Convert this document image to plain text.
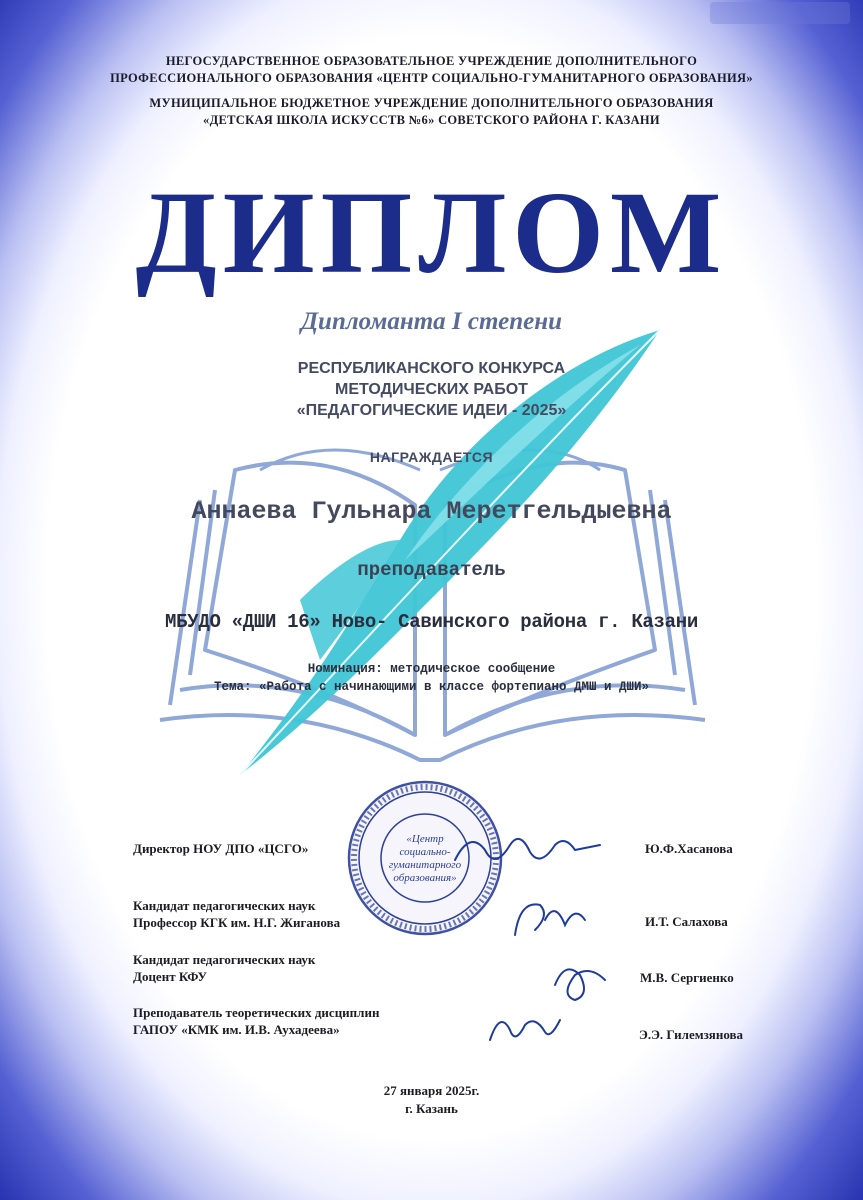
НЕГОСУДАРСТВЕННОЕ ОБРАЗОВАТЕЛЬНОЕ УЧРЕЖДЕНИЕ ДОПОЛНИТЕЛЬНОГО
ПРОФЕССИОНАЛЬНОГО ОБРАЗОВАНИЯ «ЦЕНТР СОЦИАЛЬНО-ГУМАНИТАРНОГО ОБРАЗОВАНИЯ»
МУНИЦИПАЛЬНОЕ БЮДЖЕТНОЕ УЧРЕЖДЕНИЕ ДОПОЛНИТЕЛЬНОГО ОБРАЗОВАНИЯ
«ДЕТСКАЯ ШКОЛА ИСКУССТВ №6» СОВЕТСКОГО РАЙОНА Г. КАЗАНИ
ДИПЛОМ
Дипломанта I степени
РЕСПУБЛИКАНСКОГО КОНКУРСА
МЕТОДИЧЕСКИХ РАБОТ
«ПЕДАГОГИЧЕСКИЕ ИДЕИ - 2025»
НАГРАЖДАЕТСЯ
Аннаева Гульнара Меретгельдыевна
преподаватель
МБУДО «ДШИ 16» Ново- Савинского района г. Казани
Номинация: методическое сообщение
Тема: «Работа с начинающими в классе фортепиано ДМШ и ДШИ»
«Центр
социально-
гуманитарного
образования»
Директор НОУ ДПО «ЦСГО»	Ю.Ф.Хасанова
Кандидат педагогических наук
Профессор КГК им. Н.Г. Жиганова	И.Т. Салахова
Кандидат педагогических наук
Доцент КФУ	М.В. Сергиенко
Преподаватель теоретических дисциплин
ГАПОУ «КМК им. И.В. Аухадеева»	Э.Э. Гилемзянова
27 января 2025г.
г. Казань
